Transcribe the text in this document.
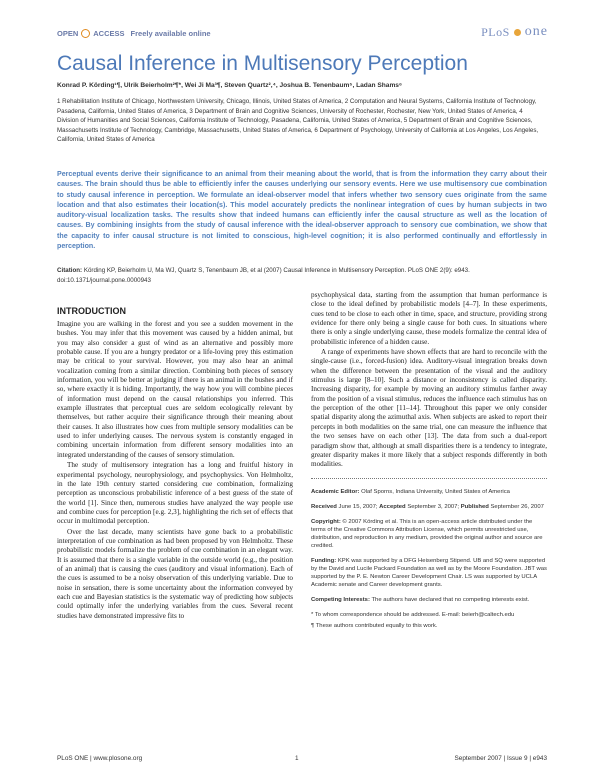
OPEN ACCESS Freely available online	PLoS one
Causal Inference in Multisensory Perception
Konrad P. Körding¹¶, Ulrik Beierholm²¶*, Wei Ji Ma³¶, Steven Quartz²,⁴, Joshua B. Tenenbaum⁵, Ladan Shams⁶
1 Rehabilitation Institute of Chicago, Northwestern University, Chicago, Illinois, United States of America, 2 Computation and Neural Systems, California Institute of Technology, Pasadena, California, United States of America, 3 Department of Brain and Cognitive Sciences, University of Rochester, Rochester, New York, United States of America, 4 Division of Humanities and Social Sciences, California Institute of Technology, Pasadena, California, United States of America, 5 Department of Brain and Cognitive Sciences, Massachusetts Institute of Technology, Cambridge, Massachusetts, United States of America, 6 Department of Psychology, University of California at Los Angeles, Los Angeles, California, United States of America
Perceptual events derive their significance to an animal from their meaning about the world, that is from the information they carry about their causes. The brain should thus be able to efficiently infer the causes underlying our sensory events. Here we use multisensory cue combination to study causal inference in perception. We formulate an ideal-observer model that infers whether two sensory cues originate from the same location and that also estimates their location(s). This model accurately predicts the nonlinear integration of cues by human subjects in two auditory-visual localization tasks. The results show that indeed humans can efficiently infer the causal structure as well as the location of causes. By combining insights from the study of causal inference with the ideal-observer approach to sensory cue combination, we show that the capacity to infer causal structure is not limited to conscious, high-level cognition; it is also performed continually and effortlessly in perception.
Citation: Körding KP, Beierholm U, Ma WJ, Quartz S, Tenenbaum JB, et al (2007) Causal Inference in Multisensory Perception. PLoS ONE 2(9): e943. doi:10.1371/journal.pone.0000943
INTRODUCTION

Imagine you are walking in the forest and you see a sudden movement in the bushes. You may infer that this movement was caused by a hidden animal, but you may also consider a gust of wind as an alternative and possibly more probable cause. If you are a hungry predator or a life-loving prey this estimation may be critical to your survival. However, you may also hear an animal vocalization coming from a similar direction. Combining both pieces of sensory information, you will be better at judging if there is an animal in the bushes and if so, where exactly it is hiding. Importantly, the way how you will combine pieces of information must depend on the causal relationships you inferred. This example illustrates that perceptual cues are seldom ecologically relevant by themselves, but rather acquire their significance through their meaning about their causes. It also illustrates how cues from multiple sensory modalities can be used to infer underlying causes. The nervous system is constantly engaged in combining uncertain information from different sensory modalities into an integrated understanding of the causes of sensory stimulation.

The study of multisensory integration has a long and fruitful history in experimental psychology, neurophysiology, and psychophysics. Von Helmholtz, in the late 19th century started considering cue combination, formalizing perception as unconscious probabilistic inference of a best guess of the state of the world [1]. Since then, numerous studies have analyzed the way people use and combine cues for perception [e.g. 2,3], highlighting the rich set of effects that occur in multimodal perception.

Over the last decade, many scientists have gone back to a probabilistic interpretation of cue combination as had been proposed by von Helmholtz. These probabilistic models formalize the problem of cue combination in an elegant way. It is assumed that there is a single variable in the outside world (e.g., the position of an animal) that is causing the cues (auditory and visual information). Each of the cues is assumed to be a noisy observation of this underlying variable. Due to noise in sensation, there is some uncertainty about the information conveyed by each cue and Bayesian statistics is the systematic way of predicting how subjects could optimally infer the underlying variables from the cues. Several recent studies have demonstrated impressive fits to

psychophysical data, starting from the assumption that human performance is close to the ideal defined by probabilistic models [4–7]. In these experiments, cues tend to be close to each other in time, space, and structure, providing strong evidence for there only being a single cause for both cues. In situations where there is only a single underlying cause, these models formalize the central idea of probabilistic inference of a hidden cause.

A range of experiments have shown effects that are hard to reconcile with the single-cause (i.e., forced-fusion) idea. Auditory-visual integration breaks down when the difference between the presentation of the visual and the auditory stimulus is large [8–10]. Such a distance or inconsistency is called disparity. Increasing disparity, for example by moving an auditory stimulus farther away from the position of a visual stimulus, reduces the influence each stimulus has on the perception of the other [11–14]. Throughout this paper we only consider spatial disparity along the azimuthal axis. When subjects are asked to report their percepts in both modalities on the same trial, one can measure the influence that the two senses have on each other [13]. The data from such a dual-report paradigm show that, although at small disparities there is a tendency to integrate, greater disparity makes it more likely that a subject responds differently in both modalities.

Academic Editor: Olaf Sporns, Indiana University, United States of America
Received June 15, 2007; Accepted September 3, 2007; Published September 26, 2007
Copyright: © 2007 Körding et al. This is an open-access article distributed under the terms of the Creative Commons Attribution License, which permits unrestricted use, distribution, and reproduction in any medium, provided the original author and source are credited.
Funding: KPK was supported by a DFG Heisenberg Stipend. UB and SQ were supported by the David and Lucile Packard Foundation as well as by the Moore Foundation. JBT was supported by the P. E. Newton Career Development Chair. LS was supported by UCLA Academic senate and Career development grants.
Competing Interests: The authors have declared that no competing interests exist.
* To whom correspondence should be addressed. E-mail: beierh@caltech.edu
¶ These authors contributed equally to this work.
PLoS ONE | www.plosone.org	1	September 2007 | Issue 9 | e943
